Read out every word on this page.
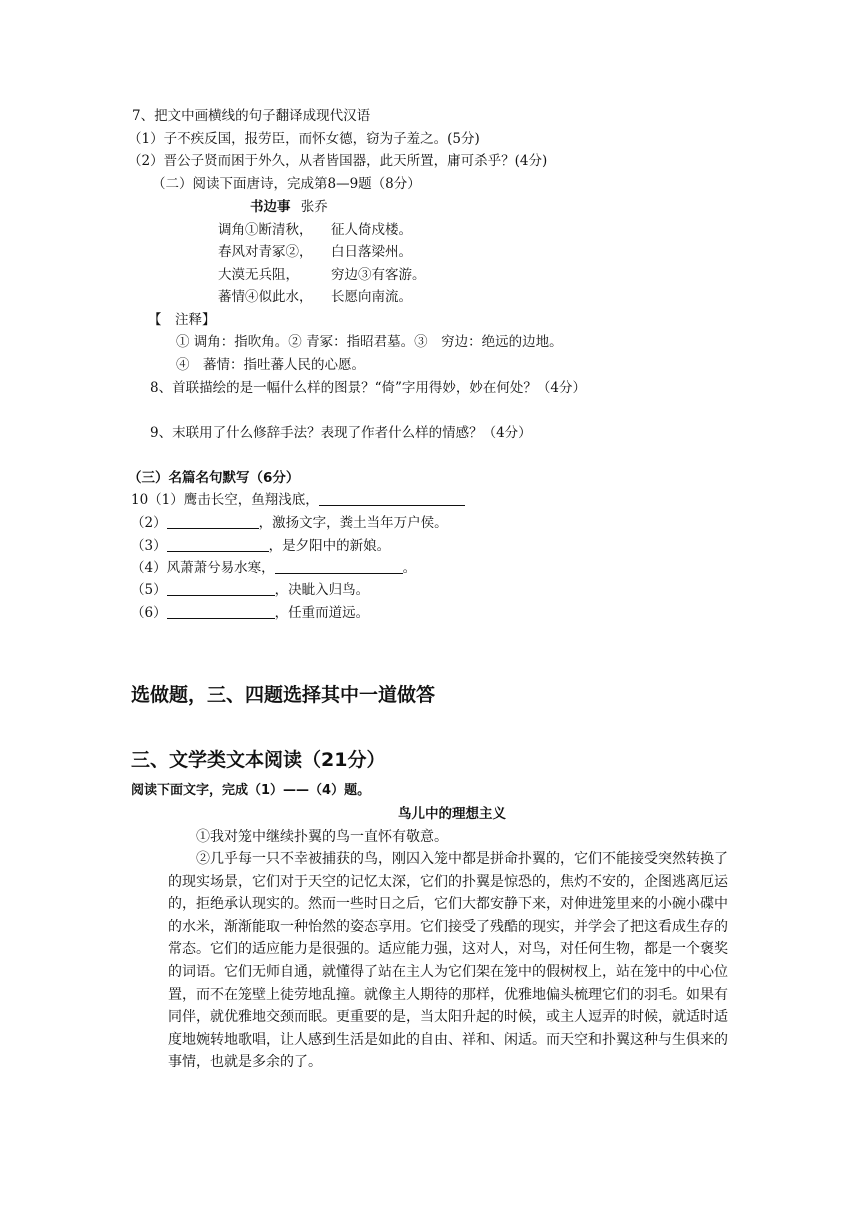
7、把文中画横线的句子翻译成现代汉语
（1）子不疾反国，报劳臣，而怀女德，窃为子羞之。(5分)
（2）晋公子贤而困于外久，从者皆国器，此天所置，庸可杀乎？(4分)
（二）阅读下面唐诗，完成第8—9题（8分）
书边事 张乔
调角①断清秋， 征人倚戍楼。
春风对青冢②， 白日落梁州。
大漠无兵阻， 穷边③有客游。
蕃情④似此水， 长愿向南流。
【　注释】
① 调角：指吹角。② 青冢：指昭君墓。③　穷边：绝远的边地。
④　蕃情：指吐蕃人民的心愿。
8、首联描绘的是一幅什么样的图景？“倚”字用得妙，妙在何处？（4分）
9、末联用了什么修辞手法？表现了作者什么样的情感？（4分）
（三）名篇名句默写（6分）
10（1）鹰击长空，鱼翔浅底，
（2）	，激扬文字，粪土当年万户侯。
（3）	，是夕阳中的新娘。
（4）风萧萧兮易水寒，	。
（5）	，决眦入归鸟。
（6）	，任重而道远。
选做题，三、四题选择其中一道做答
三、文学类文本阅读（21分）
阅读下面文字，完成（1）——（4）题。
鸟儿中的理想主义
①我对笼中继续扑翼的鸟一直怀有敬意。

②几乎每一只不幸被捕获的鸟，刚囚入笼中都是拼命扑翼的，它们不能接受突然转换了的现实场景，它们对于天空的记忆太深，它们的扑翼是惊恐的，焦灼不安的，企图逃离厄运的，拒绝承认现实的。然而一些时日之后，它们大都安静下来，对伸进笼里来的小碗小碟中的水米，渐渐能取一种怡然的姿态享用。它们接受了残酷的现实，并学会了把这看成生存的常态。它们的适应能力是很强的。适应能力强，这对人，对鸟，对任何生物，都是一个褒奖的词语。它们无师自通，就懂得了站在主人为它们架在笼中的假树杈上，站在笼中的中心位置，而不在笼壁上徒劳地乱撞。就像主人期待的那样，优雅地偏头梳理它们的羽毛。如果有同伴，就优雅地交颈而眠。更重要的是，当太阳升起的时候，或主人逗弄的时候，就适时适度地婉转地歌唱，让人感到生活是如此的自由、祥和、闲适。而天空和扑翼这种与生俱来的事情，也就是多余的了。
